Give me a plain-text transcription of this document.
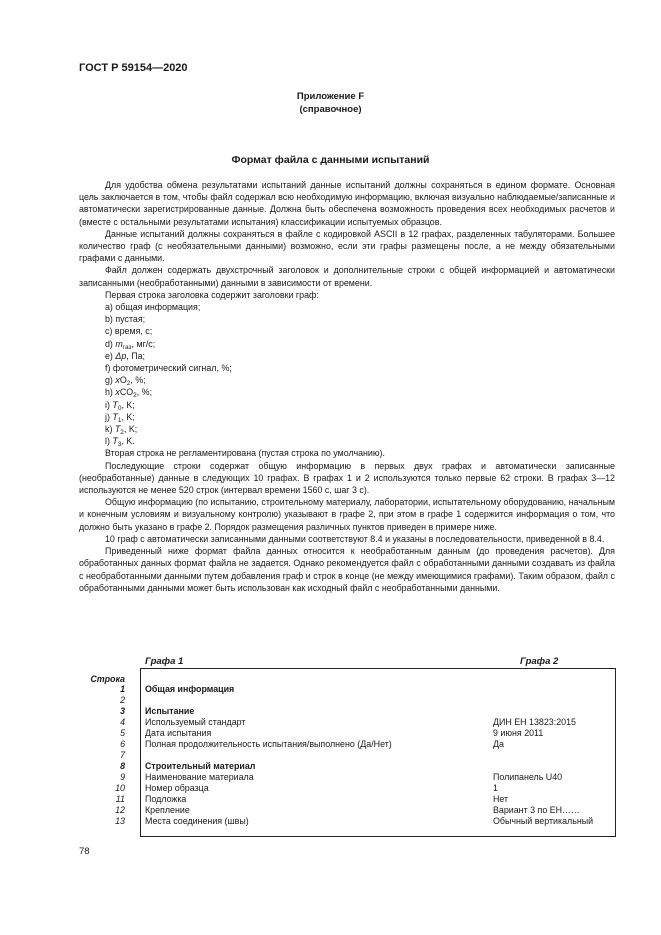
ГОСТ Р 59154—2020
Приложение F
(справочное)
Формат файла с данными испытаний

Для удобства обмена результатами испытаний данные испытаний должны сохраняться в едином формате. Основная цель заключается в том, чтобы файл содержал всю необходимую информацию, включая визуально наблюдаемые/записанные и автоматически зарегистрированные данные. Должна быть обеспечена возможность проведения всех необходимых расчетов и (вместе с остальными результатами испытания) классификации испытуемых образцов.

Данные испытаний должны сохраняться в файле с кодировкой ASCII в 12 графах, разделенных табуляторами. Большее количество граф (с необязательными данными) возможно, если эти графы размещены после, а не между обязательными графами с данными.

Файл должен содержать двухстрочный заголовок и дополнительные строки с общей информацией и автоматически записанными (необработанными) данными в зависимости от времени.

Первая строка заголовка содержит заголовки граф:

а) общая информация;

b) пустая;

с) время, с;

d) $m_{газ}$, мг/с;

е) Δp, Па;

f) фотометрический сигнал, %;

g) $xO_2$, %;

h) xCO$_2$, %;

i) $T_0$, K;

j) $T_1$, K;

k) $T_2$, K;

l) $T_3$, K.

Вторая строка не регламентирована (пустая строка по умолчанию).

Последующие строки содержат общую информацию в первых двух графах и автоматически записанные (необработанные) данные в следующих 10 графах. В графах 1 и 2 используются только первые 62 строки. В графах 3—12 используются не менее 520 строк (интервал времени 1560 с, шаг 3 с).

Общую информацию (по испытанию, строительному материалу, лаборатории, испытательному оборудованию, начальным и конечным условиям и визуальному контролю) указывают в графе 2, при этом в графе 1 содержится информация о том, что должно быть указано в графе 2. Порядок размещения различных пунктов приведен в примере ниже.

10 граф с автоматически записанными данными соответствуют 8.4 и указаны в последовательности, приведенной в 8.4.

Приведенный ниже формат файла данных относится к необработанным данным (до проведения расчетов). Для обработанных данных формат файла не задается. Однако рекомендуется файл с обработанными данными создавать из файла с необработанными данными путем добавления граф и строк в конце (не между имеющимися графами). Таким образом, файл с обработанными данными может быть использован как исходный файл с необработанными данными.

Графа 1	Графа 2
Строка
1 Общая информация
2
3 Испытание
4 Используемый стандарт	ДИН ЕН 13823:2015
5 Дата испытания	9 июня 2011
6 Полная продолжительность испытания/выполнено (Да/Нет)	Да
7
8 Строительный материал
9 Наименование материала	Полипанель U40
10 Номер образца	1
11 Подложка	Нет
12 Крепление	Вариант 3 по ЕН……
13 Места соединения (швы)	Обычный вертикальный
78
